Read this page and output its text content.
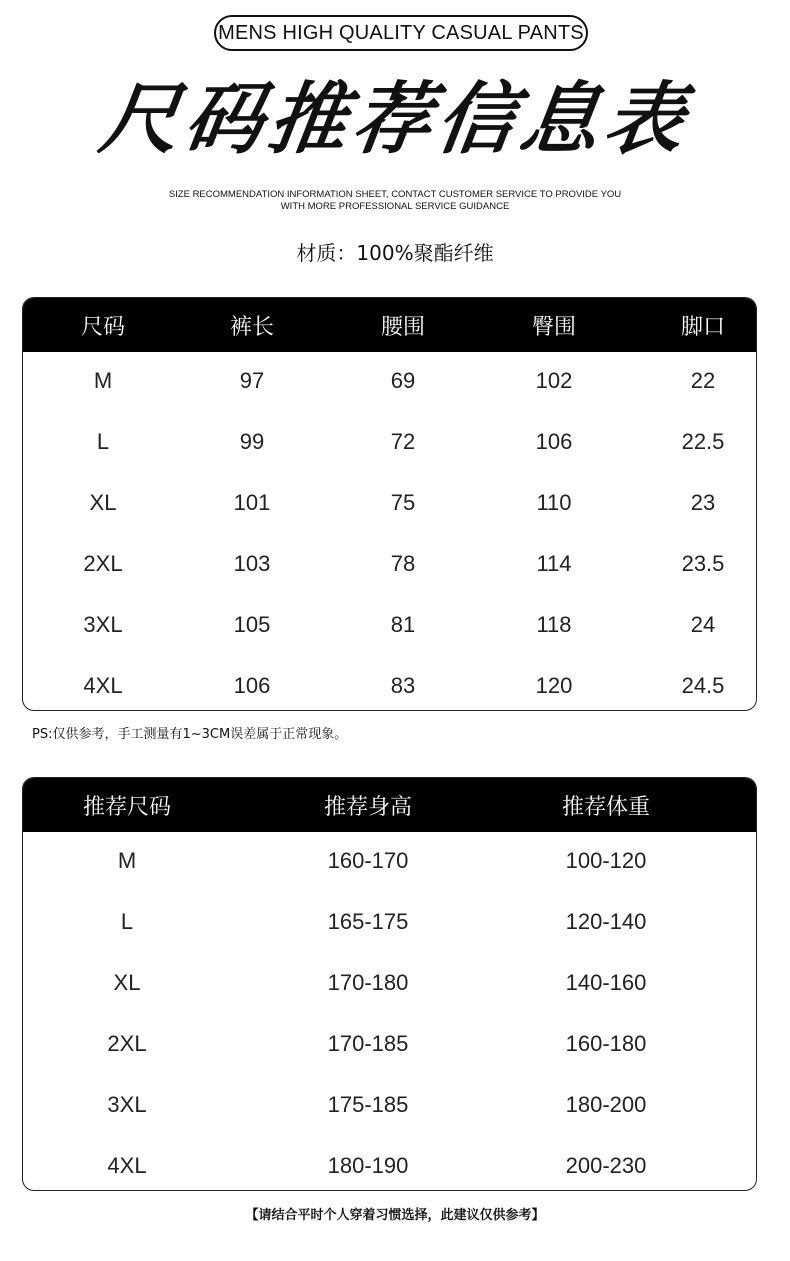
MENS HIGH QUALITY CASUAL PANTS
尺码推荐信息表
SIZE RECOMMENDATION INFORMATION SHEET, CONTACT CUSTOMER SERVICE TO PROVIDE YOU
WITH MORE PROFESSIONAL SERVICE GUIDANCE
材质：100%聚酯纤维
尺码	裤长	腰围	臀围	脚口
M	97	69	102	22
L	99	72	106	22.5
XL	101	75	110	23
2XL	103	78	114	23.5
3XL	105	81	118	24
4XL	106	83	120	24.5
PS:仅供参考，手工测量有1~3CM误差属于正常现象。
推荐尺码	推荐身高	推荐体重
M	160-170	100-120
L	165-175	120-140
XL	170-180	140-160
2XL	170-185	160-180
3XL	175-185	180-200
4XL	180-190	200-230
【请结合平时个人穿着习惯选择，此建议仅供参考】
